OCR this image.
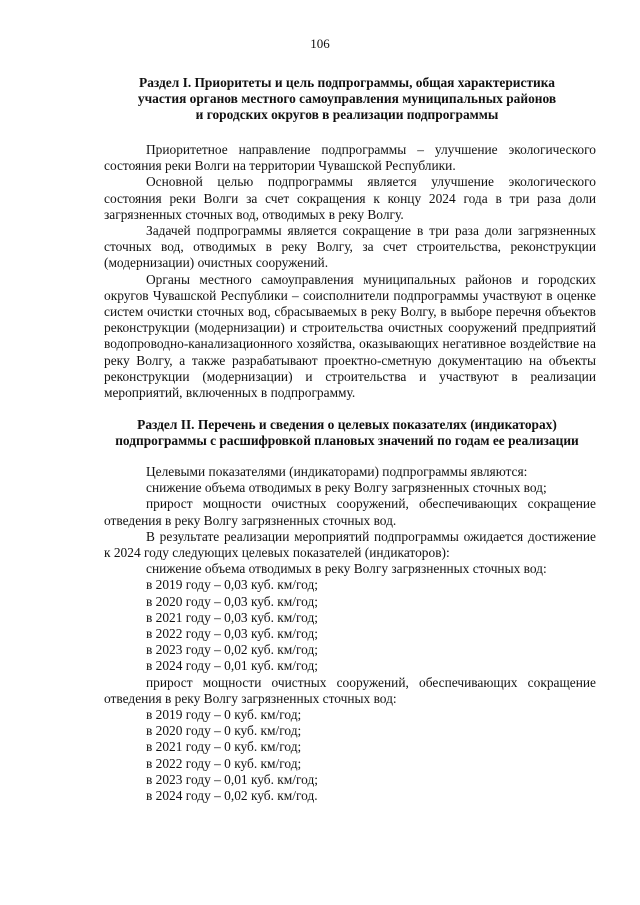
106
Раздел I. Приоритеты и цель подпрограммы, общая характеристика
участия органов местного самоуправления муниципальных районов
и городских округов в реализации подпрограммы

Приоритетное направление подпрограммы – улучшение экологического состояния реки Волги на территории Чувашской Республики.

Основной целью подпрограммы является улучшение экологического состояния реки Волги за счет сокращения к концу 2024 года в три раза доли загрязненных сточных вод, отводимых в реку Волгу.

Задачей подпрограммы является сокращение в три раза доли загрязненных сточных вод, отводимых в реку Волгу, за счет строительства, реконструкции (модернизации) очистных сооружений.

Органы местного самоуправления муниципальных районов и городских округов Чувашской Республики – соисполнители подпрограммы участвуют в оценке систем очистки сточных вод, сбрасываемых в реку Волгу, в выборе перечня объектов реконструкции (модернизации) и строительства очистных сооружений предприятий водопроводно-канализационного хозяйства, оказывающих негативное воздействие на реку Волгу, а также разрабатывают проектно-сметную документацию на объекты реконструкции (модернизации) и строительства и участвуют в реализации мероприятий, включенных в подпрограмму.

Раздел II. Перечень и сведения о целевых показателях (индикаторах)
подпрограммы с расшифровкой плановых значений по годам ее реализации

Целевыми показателями (индикаторами) подпрограммы являются:

снижение объема отводимых в реку Волгу загрязненных сточных вод;

прирост мощности очистных сооружений, обеспечивающих сокращение отведения в реку Волгу загрязненных сточных вод.

В результате реализации мероприятий подпрограммы ожидается достижение к 2024 году следующих целевых показателей (индикаторов):

снижение объема отводимых в реку Волгу загрязненных сточных вод:

в 2019 году – 0,03 куб. км/год;

в 2020 году – 0,03 куб. км/год;

в 2021 году – 0,03 куб. км/год;

в 2022 году – 0,03 куб. км/год;

в 2023 году – 0,02 куб. км/год;

в 2024 году – 0,01 куб. км/год;

прирост мощности очистных сооружений, обеспечивающих сокращение отведения в реку Волгу загрязненных сточных вод:

в 2019 году – 0 куб. км/год;

в 2020 году – 0 куб. км/год;

в 2021 году – 0 куб. км/год;

в 2022 году – 0 куб. км/год;

в 2023 году – 0,01 куб. км/год;

в 2024 году – 0,02 куб. км/год.
